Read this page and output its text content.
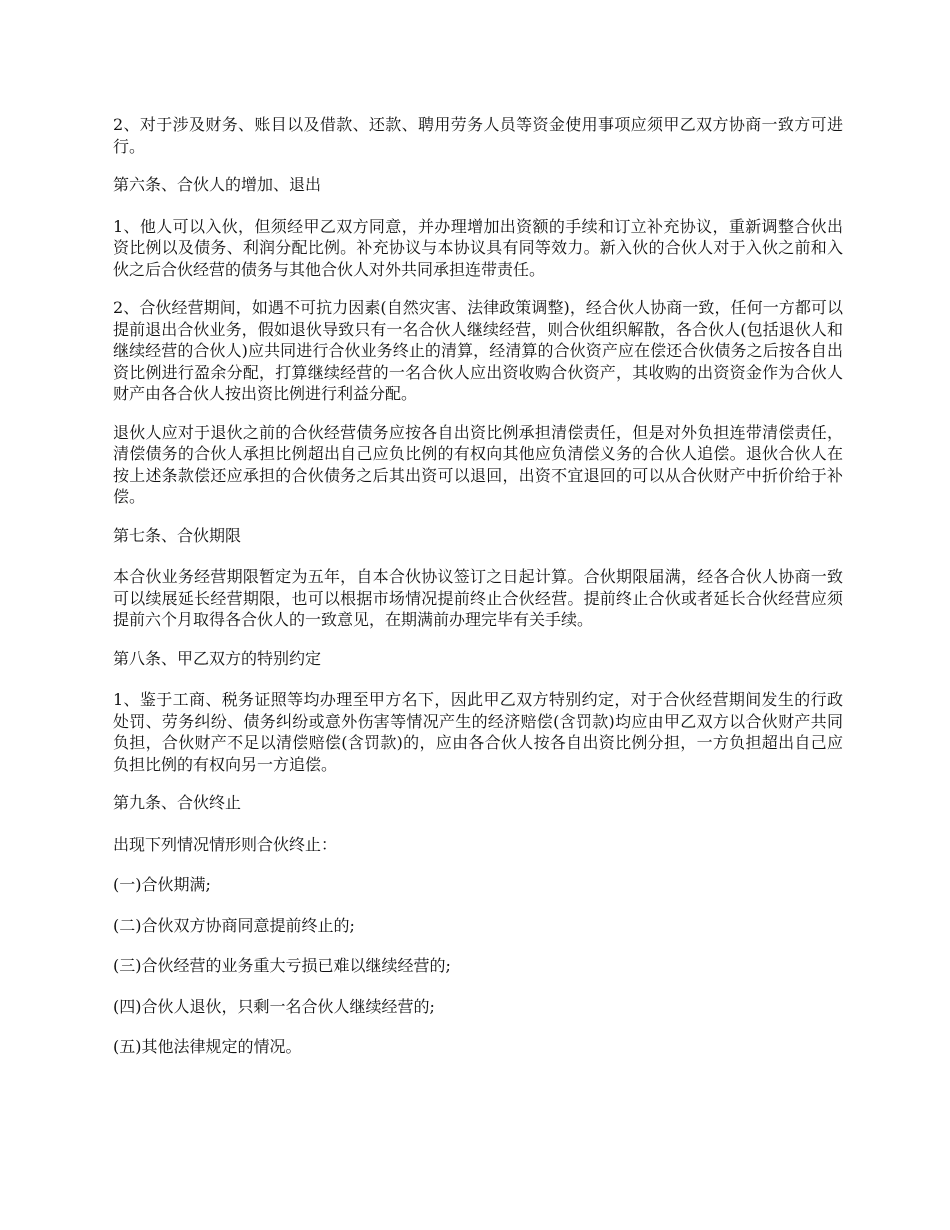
2、对于涉及财务、账目以及借款、还款、聘用劳务人员等资金使用事项应须甲乙双方协商一致方可进行。

第六条、合伙人的增加、退出

1、他人可以入伙，但须经甲乙双方同意，并办理增加出资额的手续和订立补充协议，重新调整合伙出资比例以及债务、利润分配比例。补充协议与本协议具有同等效力。新入伙的合伙人对于入伙之前和入伙之后合伙经营的债务与其他合伙人对外共同承担连带责任。

2、合伙经营期间，如遇不可抗力因素(自然灾害、法律政策调整)，经合伙人协商一致，任何一方都可以提前退出合伙业务，假如退伙导致只有一名合伙人继续经营，则合伙组织解散，各合伙人(包括退伙人和继续经营的合伙人)应共同进行合伙业务终止的清算，经清算的合伙资产应在偿还合伙债务之后按各自出资比例进行盈余分配，打算继续经营的一名合伙人应出资收购合伙资产，其收购的出资资金作为合伙人财产由各合伙人按出资比例进行利益分配。

退伙人应对于退伙之前的合伙经营债务应按各自出资比例承担清偿责任，但是对外负担连带清偿责任，清偿债务的合伙人承担比例超出自己应负比例的有权向其他应负清偿义务的合伙人追偿。退伙合伙人在按上述条款偿还应承担的合伙债务之后其出资可以退回，出资不宜退回的可以从合伙财产中折价给于补偿。

第七条、合伙期限

本合伙业务经营期限暂定为五年，自本合伙协议签订之日起计算。合伙期限届满，经各合伙人协商一致可以续展延长经营期限，也可以根据市场情况提前终止合伙经营。提前终止合伙或者延长合伙经营应须提前六个月取得各合伙人的一致意见，在期满前办理完毕有关手续。

第八条、甲乙双方的特别约定

1、鉴于工商、税务证照等均办理至甲方名下，因此甲乙双方特别约定，对于合伙经营期间发生的行政处罚、劳务纠纷、债务纠纷或意外伤害等情况产生的经济赔偿(含罚款)均应由甲乙双方以合伙财产共同负担，合伙财产不足以清偿赔偿(含罚款)的，应由各合伙人按各自出资比例分担，一方负担超出自己应负担比例的有权向另一方追偿。

第九条、合伙终止

出现下列情况情形则合伙终止：

(一)合伙期满;

(二)合伙双方协商同意提前终止的;

(三)合伙经营的业务重大亏损已难以继续经营的;

(四)合伙人退伙，只剩一名合伙人继续经营的;

(五)其他法律规定的情况。
